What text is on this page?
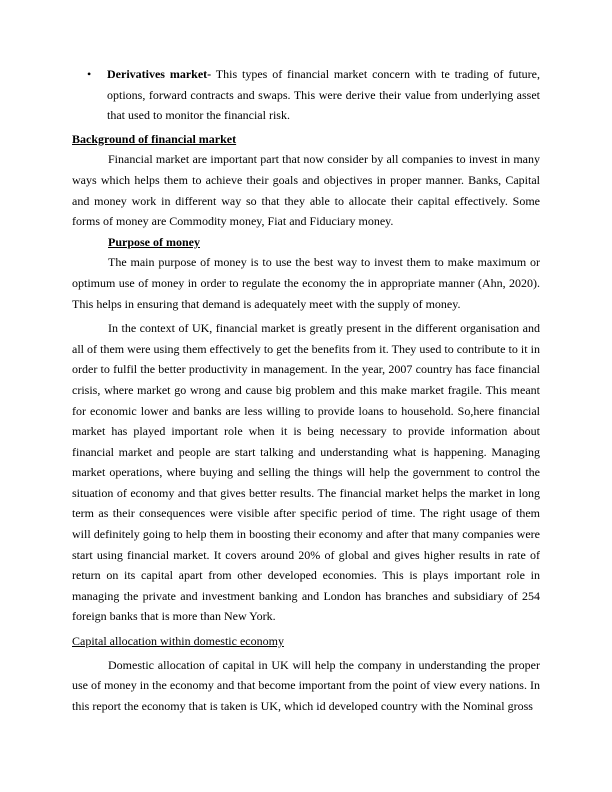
• Derivatives market- This types of financial market concern with te trading of future, options, forward contracts and swaps. This were derive their value from underlying asset that used to monitor the financial risk.
Background of financial market

Financial market are important part that now consider by all companies to invest in many ways which helps them to achieve their goals and objectives in proper manner. Banks, Capital and money work in different way so that they able to allocate their capital effectively. Some forms of money are Commodity money, Fiat and Fiduciary money.

Purpose of money

The main purpose of money is to use the best way to invest them to make maximum or optimum use of money in order to regulate the economy the in appropriate manner (Ahn, 2020). This helps in ensuring that demand is adequately meet with the supply of money.

In the context of UK, financial market is greatly present in the different organisation and all of them were using them effectively to get the benefits from it. They used to contribute to it in order to fulfil the better productivity in management. In the year, 2007 country has face financial crisis, where market go wrong and cause big problem and this make market fragile. This meant for economic lower and banks are less willing to provide loans to household. So,here financial market has played important role when it is being necessary to provide information about financial market and people are start talking and understanding what is happening. Managing market operations, where buying and selling the things will help the government to control the situation of economy and that gives better results. The financial market helps the market in long term as their consequences were visible after specific period of time. The right usage of them will definitely going to help them in boosting their economy and after that many companies were start using financial market. It covers around 20% of global and gives higher results in rate of return on its capital apart from other developed economies. This is plays important role in managing the private and investment banking and London has branches and subsidiary of 254 foreign banks that is more than New York.

Capital allocation within domestic economy

Domestic allocation of capital in UK will help the company in understanding the proper use of money in the economy and that become important from the point of view every nations. In this report the economy that is taken is UK, which id developed country with the Nominal gross
